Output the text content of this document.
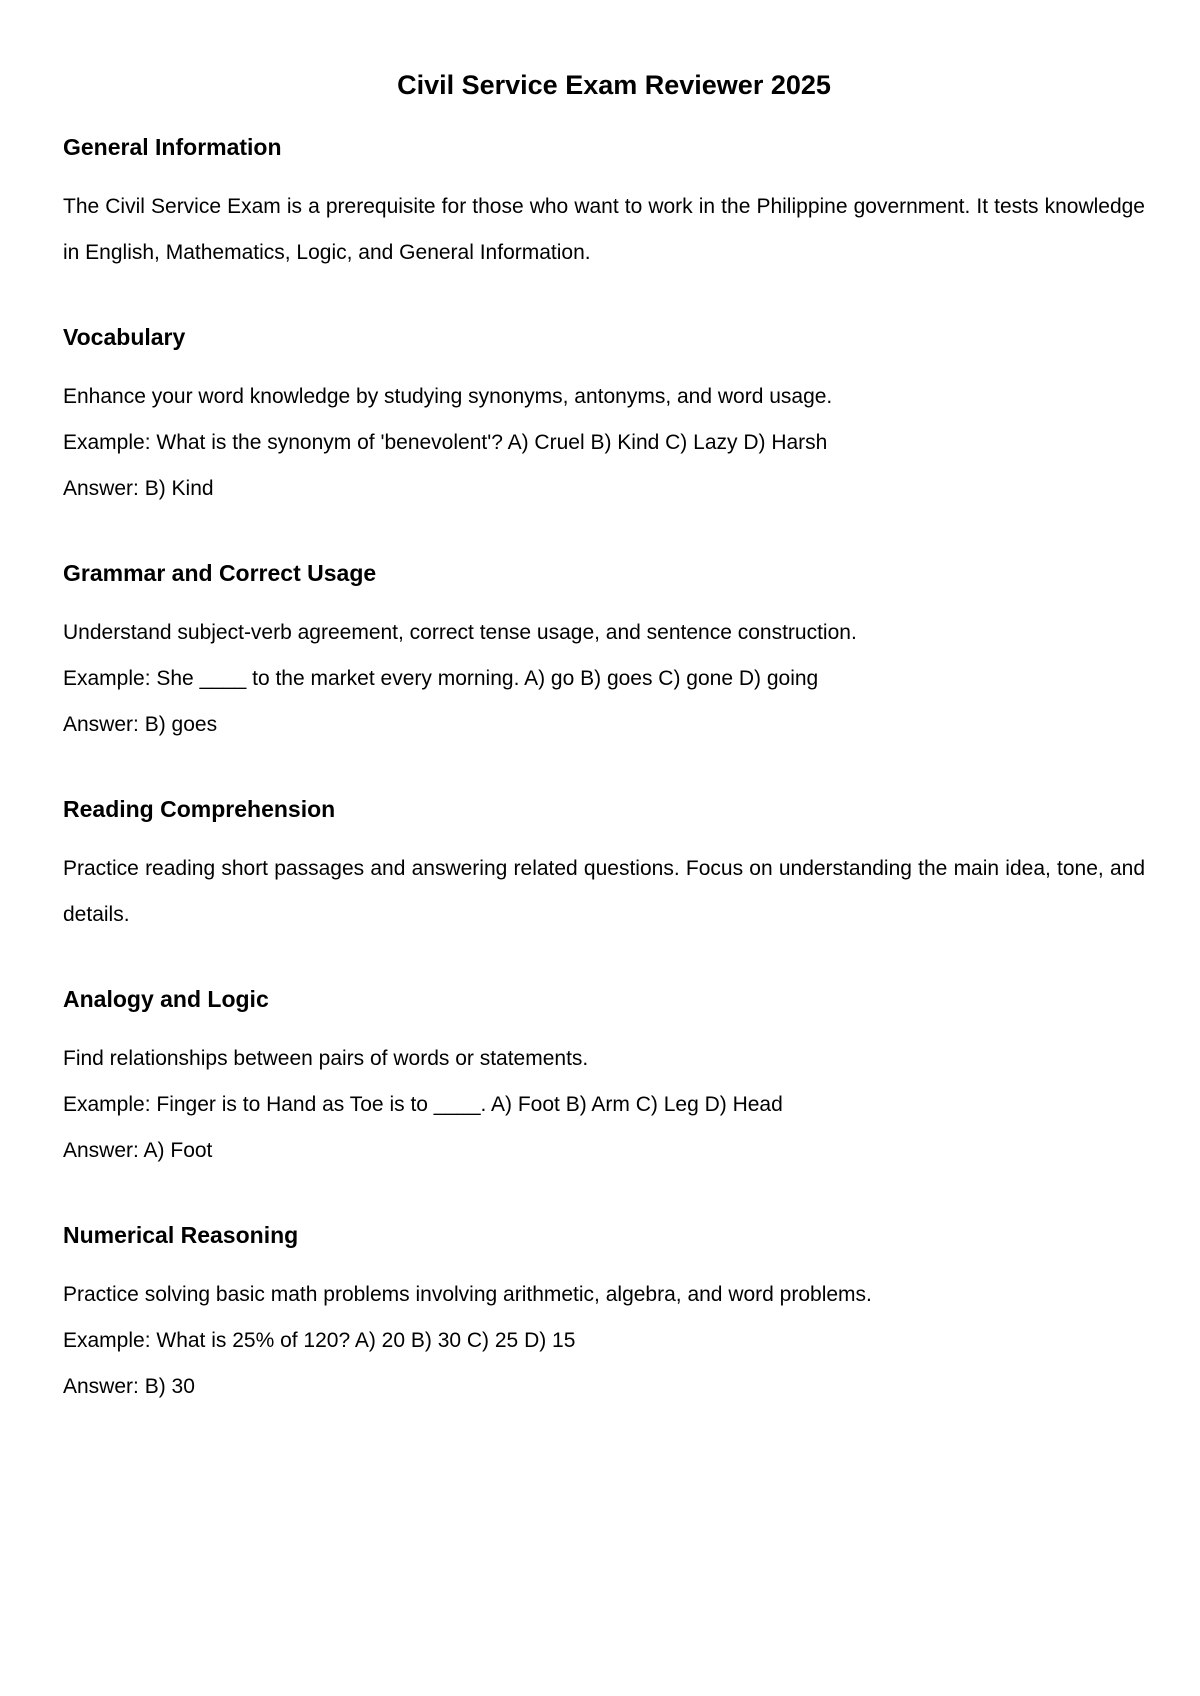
Civil Service Exam Reviewer 2025
General Information

The Civil Service Exam is a prerequisite for those who want to work in the Philippine government. It tests knowledge in English, Mathematics, Logic, and General Information.

Vocabulary

Enhance your word knowledge by studying synonyms, antonyms, and word usage.

Example: What is the synonym of 'benevolent'? A) Cruel B) Kind C) Lazy D) Harsh

Answer: B) Kind

Grammar and Correct Usage

Understand subject-verb agreement, correct tense usage, and sentence construction.

Example: She ____ to the market every morning. A) go B) goes C) gone D) going

Answer: B) goes

Reading Comprehension

Practice reading short passages and answering related questions. Focus on understanding the main idea, tone, and details.

Analogy and Logic

Find relationships between pairs of words or statements.

Example: Finger is to Hand as Toe is to ____. A) Foot B) Arm C) Leg D) Head

Answer: A) Foot

Numerical Reasoning

Practice solving basic math problems involving arithmetic, algebra, and word problems.

Example: What is 25% of 120? A) 20 B) 30 C) 25 D) 15

Answer: B) 30
